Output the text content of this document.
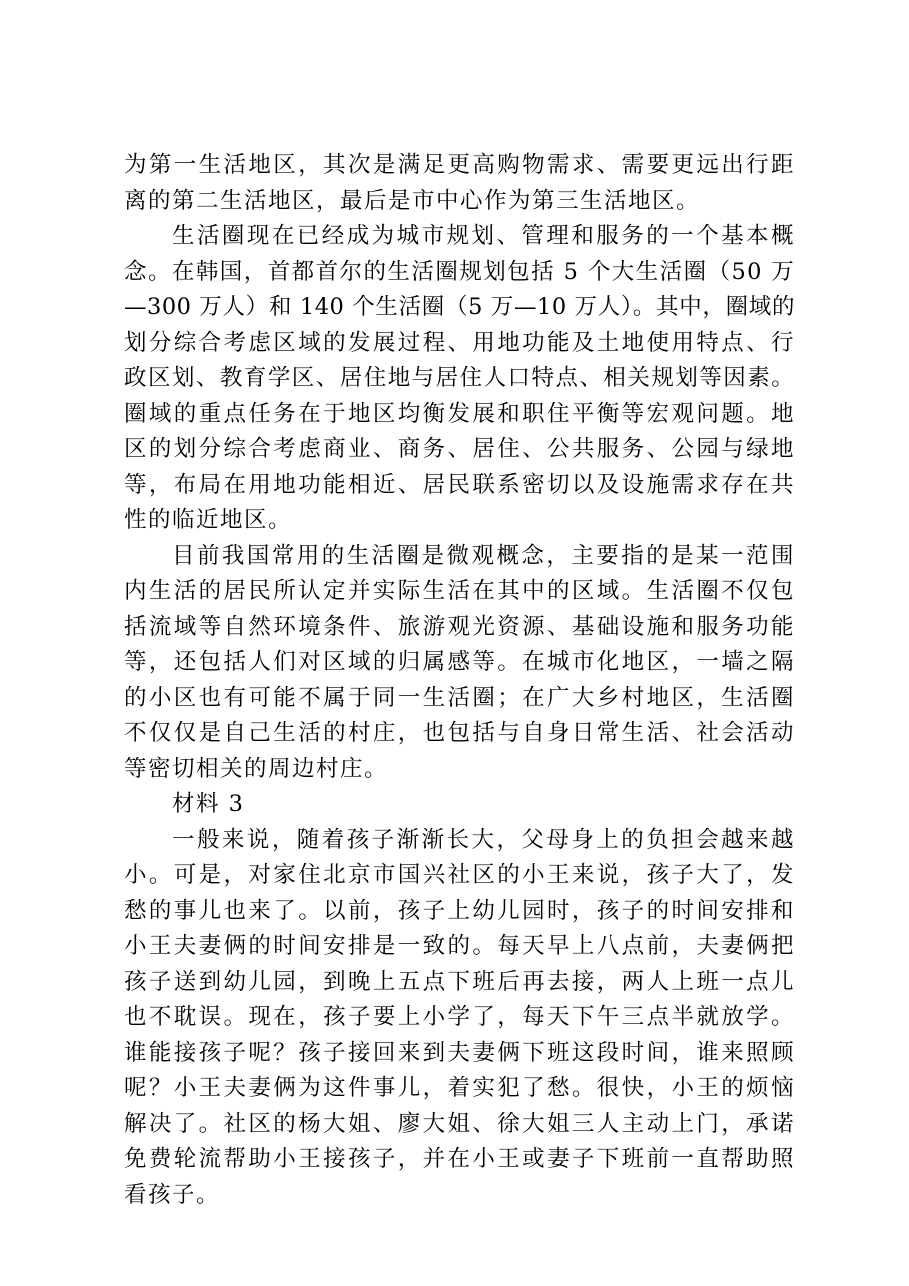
为第一生活地区，其次是满足更高购物需求、需要更远出行距
离的第二生活地区，最后是市中心作为第三生活地区。
生活圈现在已经成为城市规划、管理和服务的一个基本概
念。在韩国，首都首尔的生活圈规划包括 5 个大生活圈（50 万
—300 万人）和 140 个生活圈（5 万—10 万人）。其中，圈域的
划分综合考虑区域的发展过程、用地功能及土地使用特点、行
政区划、教育学区、居住地与居住人口特点、相关规划等因素。
圈域的重点任务在于地区均衡发展和职住平衡等宏观问题。地
区的划分综合考虑商业、商务、居住、公共服务、公园与绿地
等，布局在用地功能相近、居民联系密切以及设施需求存在共
性的临近地区。
目前我国常用的生活圈是微观概念，主要指的是某一范围
内生活的居民所认定并实际生活在其中的区域。生活圈不仅包
括流域等自然环境条件、旅游观光资源、基础设施和服务功能
等，还包括人们对区域的归属感等。在城市化地区，一墙之隔
的小区也有可能不属于同一生活圈；在广大乡村地区，生活圈
不仅仅是自己生活的村庄，也包括与自身日常生活、社会活动
等密切相关的周边村庄。
材料 3
一般来说，随着孩子渐渐长大，父母身上的负担会越来越
小。可是，对家住北京市国兴社区的小王来说，孩子大了，发
愁的事儿也来了。以前，孩子上幼儿园时，孩子的时间安排和
小王夫妻俩的时间安排是一致的。每天早上八点前，夫妻俩把
孩子送到幼儿园，到晚上五点下班后再去接，两人上班一点儿
也不耽误。现在，孩子要上小学了，每天下午三点半就放学。
谁能接孩子呢？孩子接回来到夫妻俩下班这段时间，谁来照顾
呢？小王夫妻俩为这件事儿，着实犯了愁。很快，小王的烦恼
解决了。社区的杨大姐、廖大姐、徐大姐三人主动上门，承诺
免费轮流帮助小王接孩子，并在小王或妻子下班前一直帮助照
看孩子。
